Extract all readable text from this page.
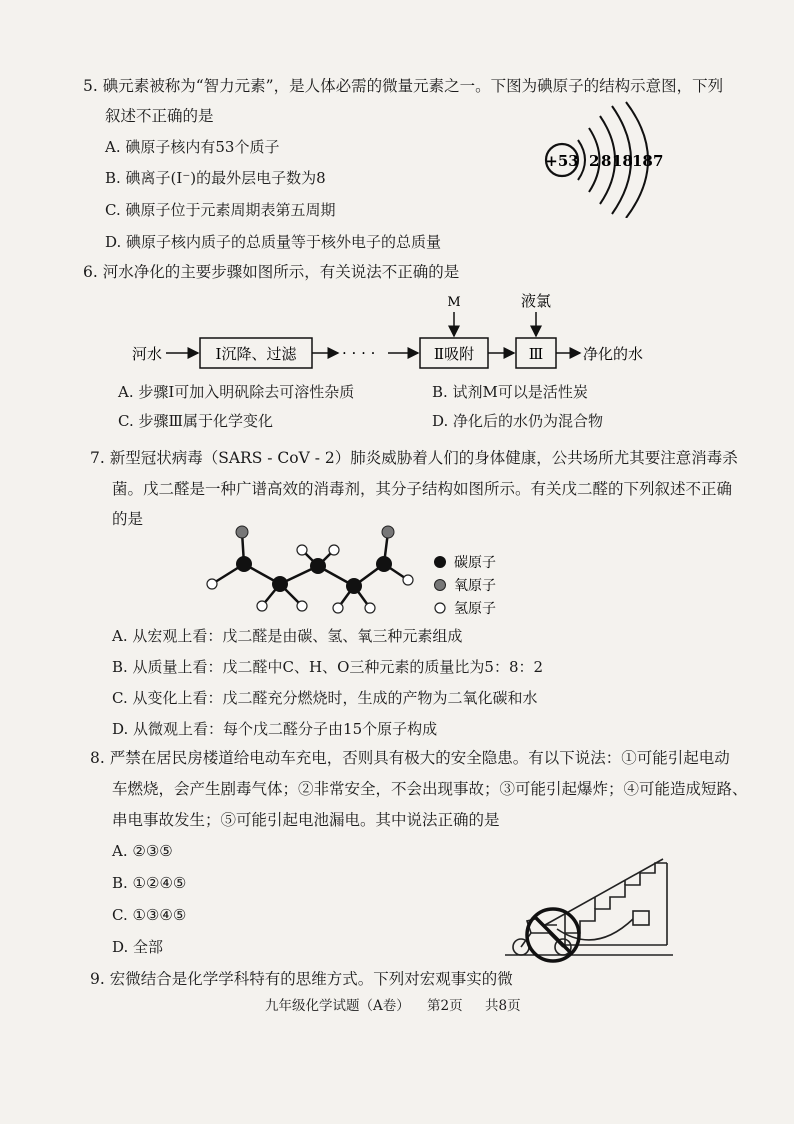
5. 碘元素被称为“智力元素”，是人体必需的微量元素之一。下图为碘原子的结构示意图，下列
叙述不正确的是
A. 碘原子核内有53个质子
B. 碘离子(I⁻)的最外层电子数为8
C. 碘原子位于元素周期表第五周期
D. 碘原子核内质子的总质量等于核外电子的总质量
+53 2 8 18 18 7
6. 河水净化的主要步骤如图所示，有关说法不正确的是
河水	Ⅰ沉降、过滤	· · · ·	Ⅱ吸附	Ⅲ	净化的水
M	液氯
A. 步骤Ⅰ可加入明矾除去可溶性杂质	B. 试剂M可以是活性炭
C. 步骤Ⅲ属于化学变化	D. 净化后的水仍为混合物
7. 新型冠状病毒（SARS - CoV - 2）肺炎威胁着人们的身体健康，公共场所尤其要注意消毒杀
菌。戊二醛是一种广谱高效的消毒剂，其分子结构如图所示。有关戊二醛的下列叙述不正确
的是
碳原子
氧原子
氢原子
A. 从宏观上看：戊二醛是由碳、氢、氧三种元素组成
B. 从质量上看：戊二醛中C、H、O三种元素的质量比为5：8：2
C. 从变化上看：戊二醛充分燃烧时，生成的产物为二氧化碳和水
D. 从微观上看：每个戊二醛分子由15个原子构成
8. 严禁在居民房楼道给电动车充电，否则具有极大的安全隐患。有以下说法：①可能引起电动
车燃烧，会产生剧毒气体；②非常安全，不会出现事故；③可能引起爆炸；④可能造成短路、
串电事故发生；⑤可能引起电池漏电。其中说法正确的是
A. ②③⑤
B. ①②④⑤
C. ①③④⑤
D. 全部
9. 宏微结合是化学学科特有的思维方式。下列对宏观事实的微
九年级化学试题（A卷） 第2页 共8页
